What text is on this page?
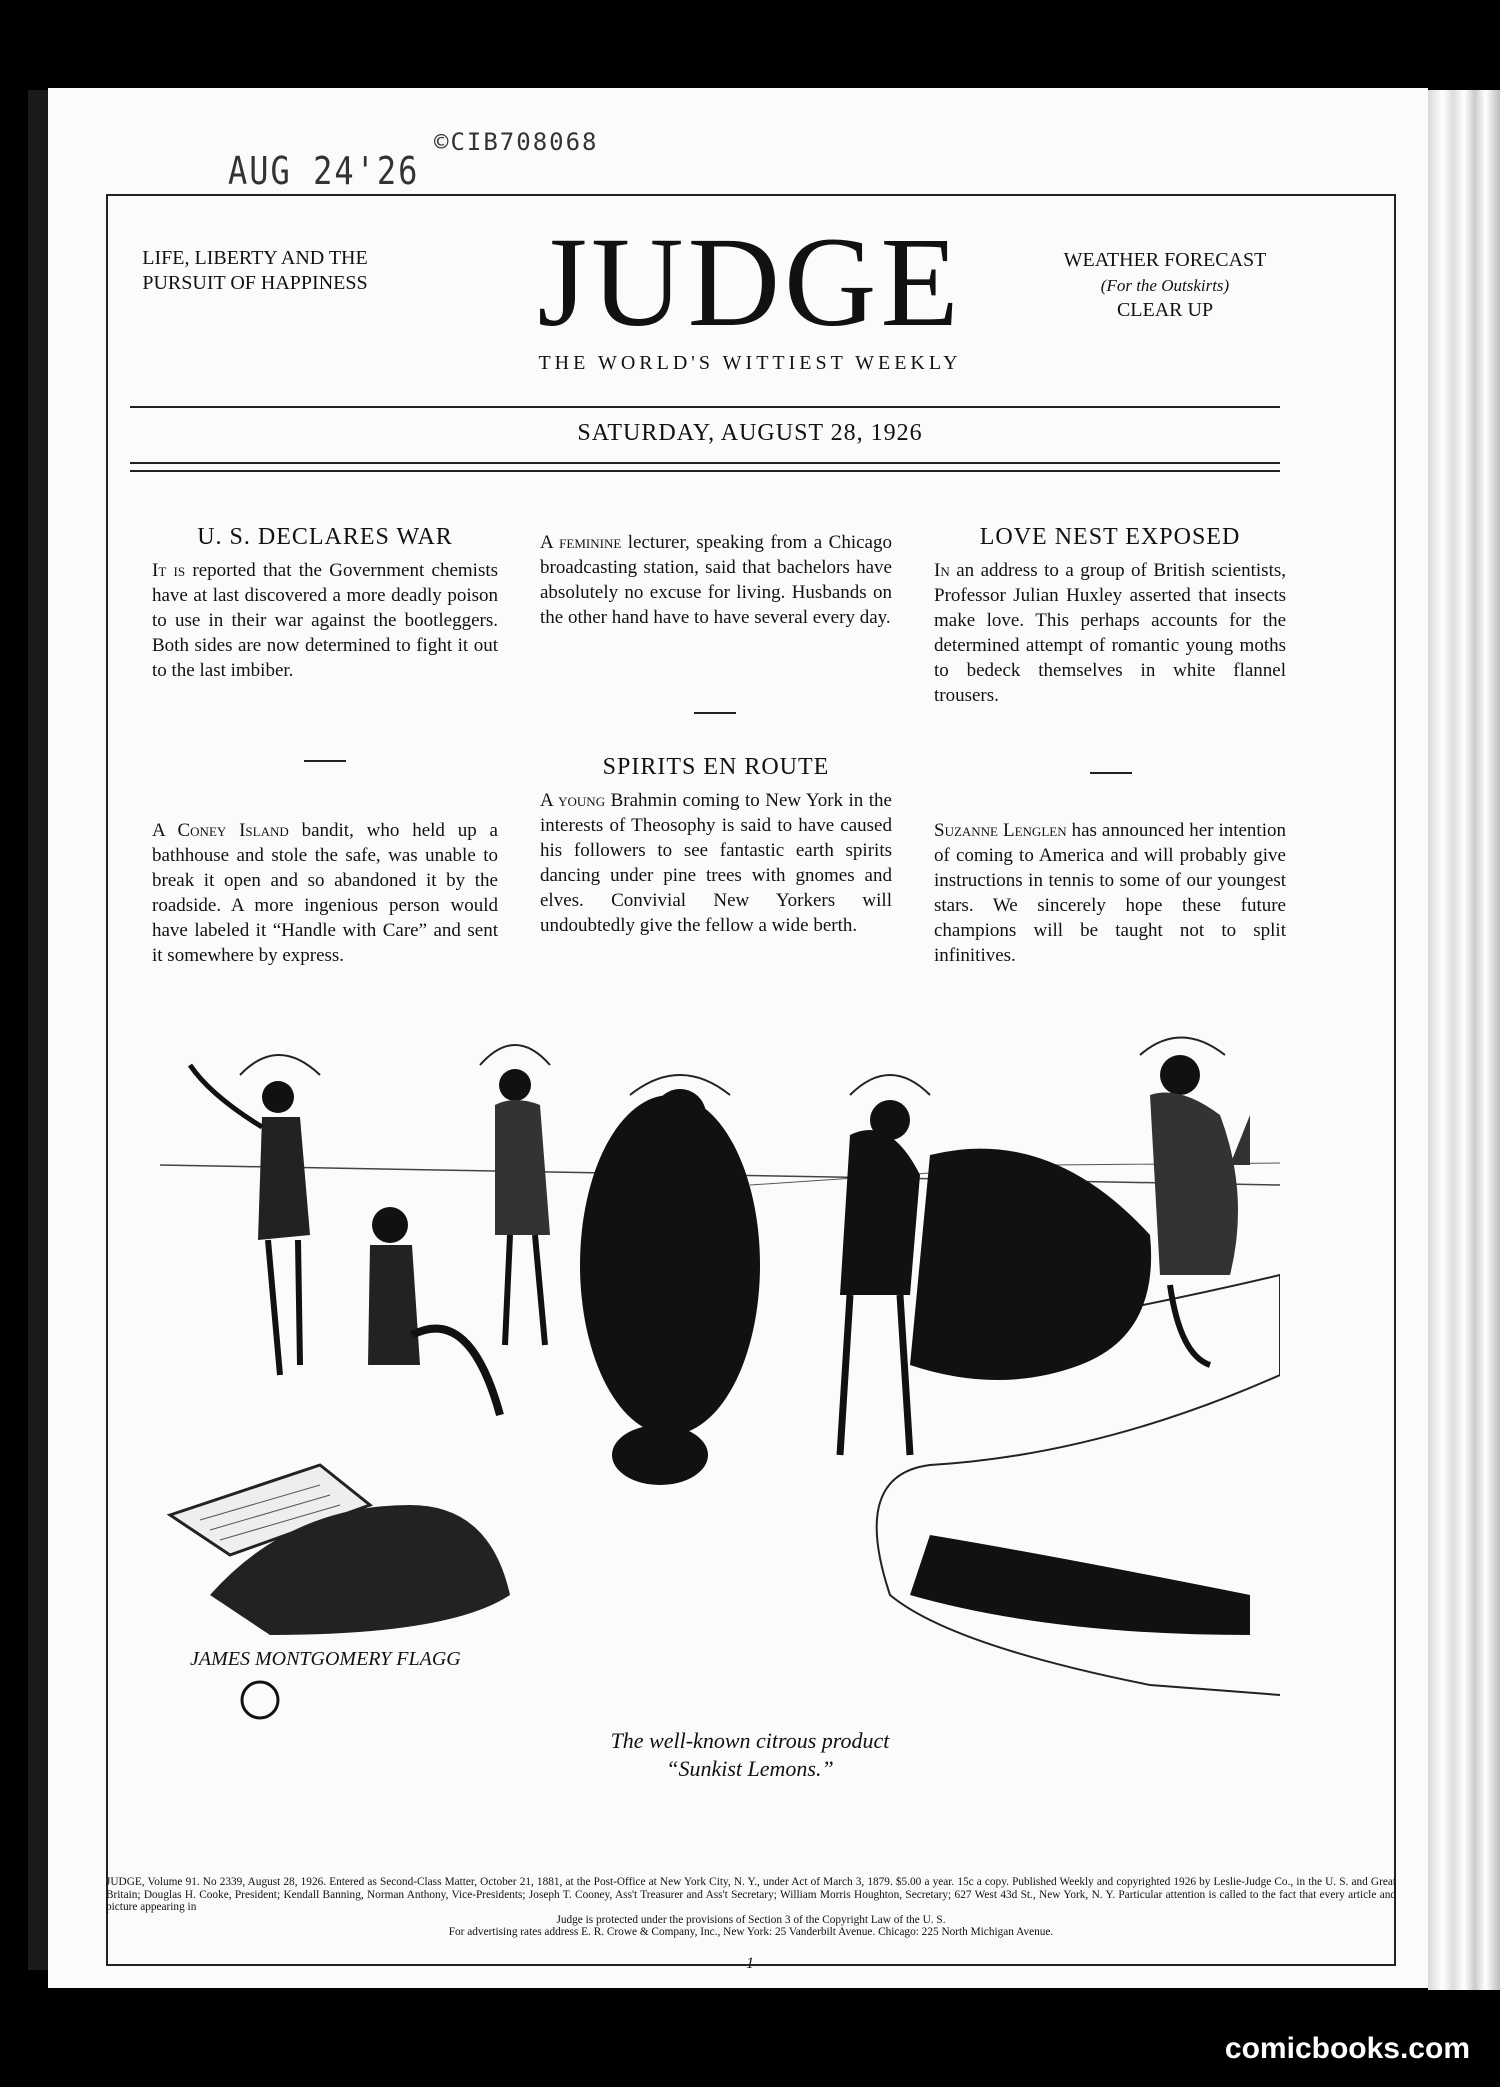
AUG 24'26
©CIB708068
LIFE, LIBERTY AND THE PURSUIT OF HAPPINESS	JUDGE
THE WORLD'S WITTIEST WEEKLY
WEATHER FORECAST
(For the Outskirts)
CLEAR UP
SATURDAY, AUGUST 28, 1926
U. S. DECLARES WAR

It is reported that the Government chemists have at last discovered a more deadly poison to use in their war against the bootleggers. Both sides are now determined to fight it out to the last imbiber.

A Coney Island bandit, who held up a bathhouse and stole the safe, was unable to break it open and so abandoned it by the roadside. A more ingenious person would have labeled it “Handle with Care” and sent it somewhere by express.

A feminine lecturer, speaking from a Chicago broadcasting station, said that bachelors have absolutely no excuse for living. Husbands on the other hand have to have several every day.

SPIRITS EN ROUTE

A young Brahmin coming to New York in the interests of Theosophy is said to have caused his followers to see fantastic earth spirits dancing under pine trees with gnomes and elves. Convivial New Yorkers will undoubtedly give the fellow a wide berth.

LOVE NEST EXPOSED

In an address to a group of British scientists, Professor Julian Huxley asserted that insects make love. This perhaps accounts for the determined attempt of romantic young moths to bedeck themselves in white flannel trousers.

Suzanne Lenglen has announced her intention of coming to America and will probably give instructions in tennis to some of our youngest stars. We sincerely hope these future champions will be taught not to split infinitives.

JAMES MONTGOMERY FLAGG
The well-known citrous product
“Sunkist Lemons.”
JUDGE, Volume 91. No 2339, August 28, 1926. Entered as Second-Class Matter, October 21, 1881, at the Post-Office at New York City, N. Y., under Act of March 3, 1879. $5.00 a year. 15c a copy. Published Weekly and copyrighted 1926 by Leslie-Judge Co., in the U. S. and Great Britain; Douglas H. Cooke, President; Kendall Banning, Norman Anthony, Vice-Presidents; Joseph T. Cooney, Ass't Treasurer and Ass't Secretary; William Morris Houghton, Secretary; 627 West 43d St., New York, N. Y. Particular attention is called to the fact that every article and picture appearing in
Judge is protected under the provisions of Section 3 of the Copyright Law of the U. S.
For advertising rates address E. R. Crowe & Company, Inc., New York: 25 Vanderbilt Avenue. Chicago: 225 North Michigan Avenue.
1
comicbooks.com
